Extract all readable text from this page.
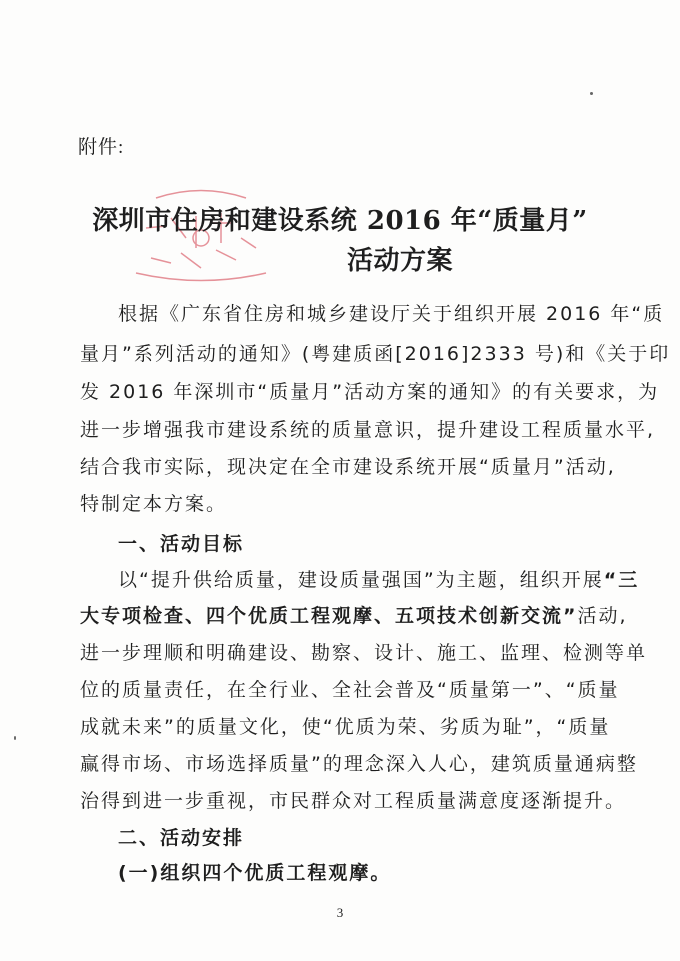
附件:
深圳市住房和建设系统 2016 年“质量月”
活动方案
根据《广东省住房和城乡建设厅关于组织开展 2016 年“质
量月”系列活动的通知》(粤建质函[2016]2333 号)和《关于印
发 2016 年深圳市“质量月”活动方案的通知》的有关要求，为
进一步增强我市建设系统的质量意识，提升建设工程质量水平,
结合我市实际，现决定在全市建设系统开展“质量月”活动,
特制定本方案。
一、活动目标
以“提升供给质量，建设质量强国”为主题，组织开展“三
大专项检查、四个优质工程观摩、五项技术创新交流”活动,
进一步理顺和明确建设、勘察、设计、施工、监理、检测等单
位的质量责任，在全行业、全社会普及“质量第一”、“质量
成就未来”的质量文化，使“优质为荣、劣质为耻”，“质量
赢得市场、市场选择质量”的理念深入人心，建筑质量通病整
治得到进一步重视，市民群众对工程质量满意度逐渐提升。
二、活动安排
(一)组织四个优质工程观摩。
3
